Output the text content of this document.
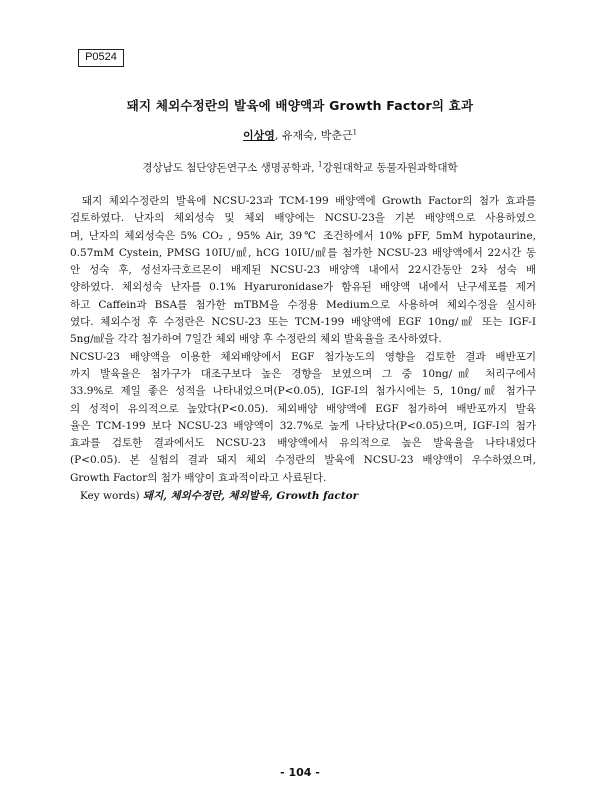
P0524
돼지 체외수정란의 발육에 배양액과 Growth Factor의 효과
이상영, 유재숙, 박춘근$^1$
경상남도 첨단양돈연구소 생명공학과, $^1$강원대학교 동물자원과학대학
돼지 체외수정란의 발육에 NCSU-23과 TCM-199 배양액에 Growth Factor의 첨가 효과를
검토하였다. 난자의 체외성숙 및 체외 배양에는 NCSU-23을 기본 배양액으로 사용하였으
며, 난자의 체외성숙은 5% CO₂ , 95% Air, 39℃ 조건하에서 10% pFF, 5mM hypotaurine,
0.57mM Cystein, PMSG 10IU/㎖, hCG 10IU/㎖를 첨가한 NCSU-23 배양액에서 22시간 동
안 성숙 후, 성선자극호르몬이 배제된 NCSU-23 배양액 내에서 22시간동안 2차 성숙 배
양하였다. 체외성숙 난자를 0.1% Hyaruronidase가 함유된 배양액 내에서 난구세포를 제거
하고 Caffein과 BSA를 첨가한 mTBM을 수정용 Medium으로 사용하여 체외수정을 실시하
였다. 체외수정 후 수정란은 NCSU-23 또는 TCM-199 배양액에 EGF 10ng/㎖ 또는 IGF-I
5ng/㎖을 각각 첨가하여 7일간 체외 배양 후 수정란의 체외 발육율을 조사하였다.
NCSU-23 배양액을 이용한 체외배양에서 EGF 첨가농도의 영향을 검토한 결과 배반포기
까지 발육율은 첨가구가 대조구보다 높은 경향을 보였으며 그 중 10ng/㎖ 처리구에서
33.9%로 제일 좋은 성적을 나타내었으며(P<0.05), IGF-I의 첨가시에는 5, 10ng/㎖ 첨가구
의 성적이 유의적으로 높았다(P<0.05). 체외배양 배양액에 EGF 첨가하여 배반포까지 발육
율은 TCM-199 보다 NCSU-23 배양액이 32.7%로 높게 나타났다(P<0.05)으며, IGF-I의 첨가
효과를 검토한 결과에서도 NCSU-23 배양액에서 유의적으로 높은 발육율을 나타내었다
(P<0.05). 본 실험의 결과 돼지 체외 수정란의 발육에 NCSU-23 배양액이 우수하였으며,
Growth Factor의 첨가 배양이 효과적이라고 사료된다.
Key words) 돼지, 체외수정란, 체외발육, Growth factor
- 104 -
